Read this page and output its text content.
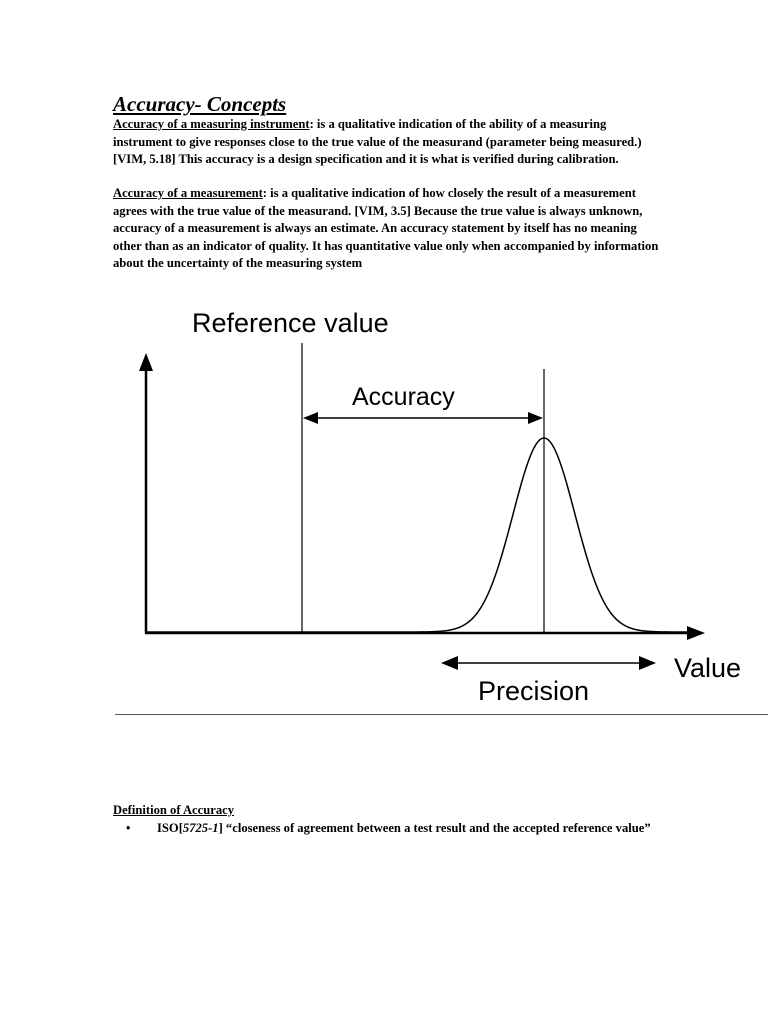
Accuracy- Concepts
Accuracy of a measuring instrument: is a qualitative indication of the ability of a measuring instrument to give responses close to the true value of the measurand (parameter being measured.) [VIM, 5.18] This accuracy is a design specification and it is what is verified during calibration.
Accuracy of a measurement: is a qualitative indication of how closely the result of a measurement agrees with the true value of the measurand. [VIM, 3.5] Because the true value is always unknown, accuracy of a measurement is always an estimate. An accuracy statement by itself has no meaning other than as an indicator of quality. It has quantitative value only when accompanied by information about the uncertainty of the measuring system
Reference value
Accuracy
Value
Precision
Definition of Accuracy
• ISO[5725-1] “closeness of agreement between a test result and the accepted reference value”
